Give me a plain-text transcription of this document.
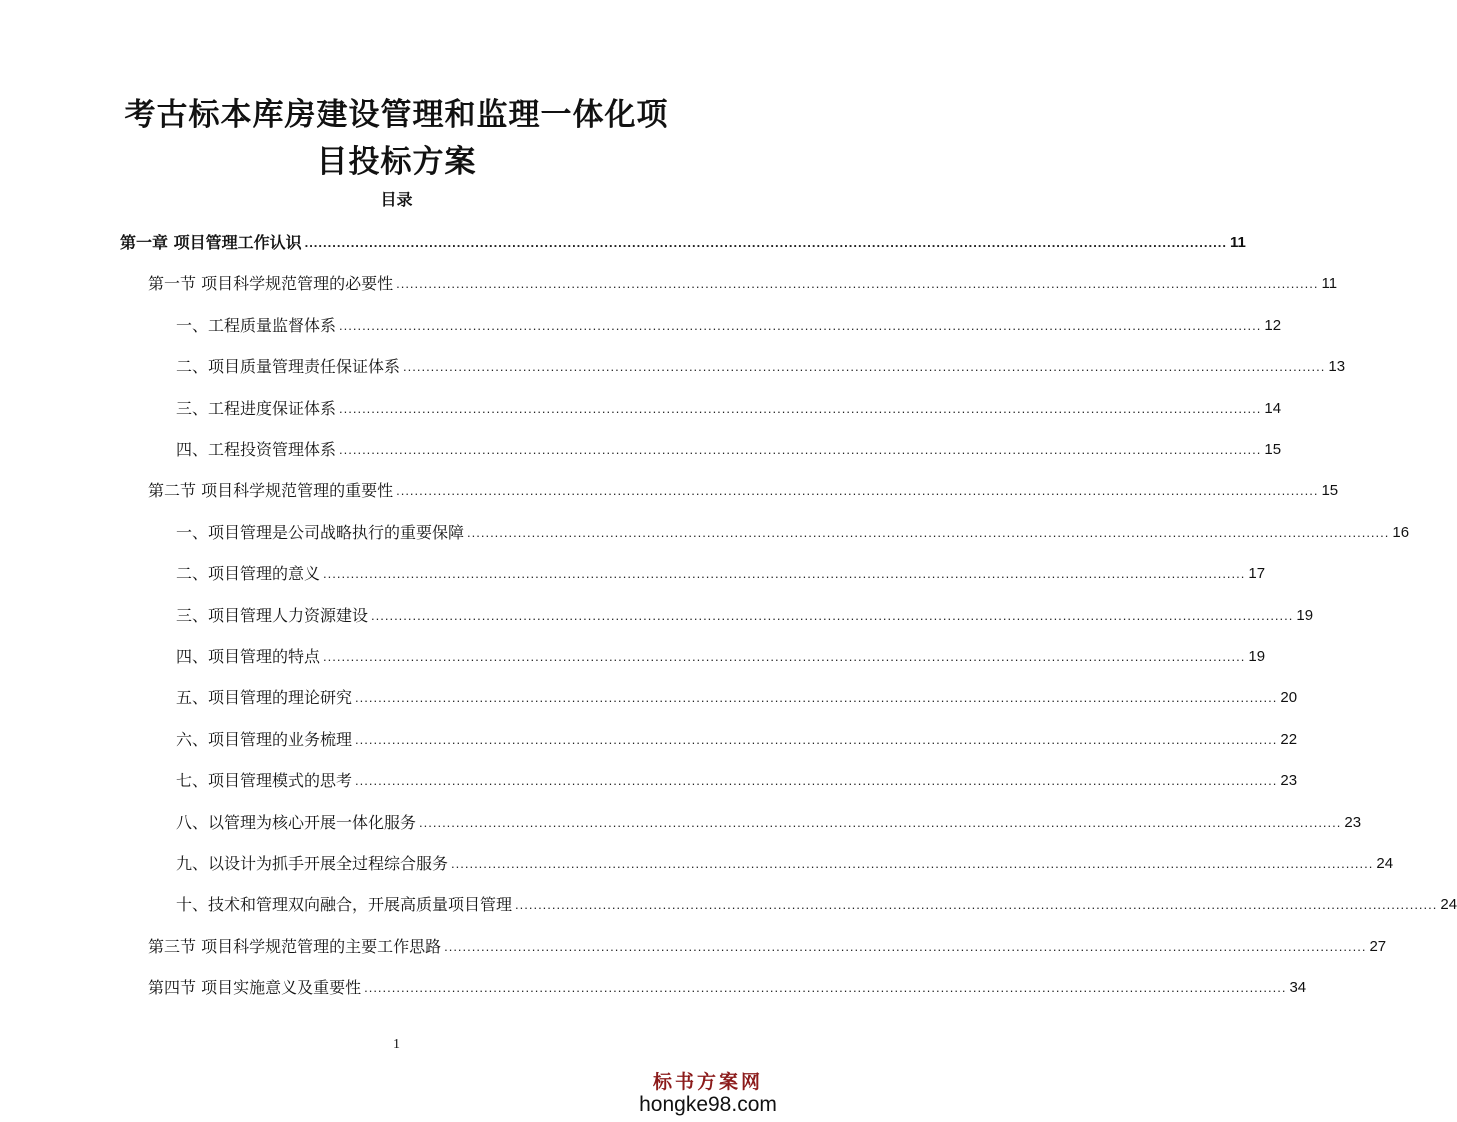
考古标本库房建设管理和监理一体化项
目投标方案
目录
第一章 项目管理工作认识 ........................................................................................................................................................................................................ 11
第一节 项目科学规范管理的必要性 ........................................................................................................................................................................................................ 11
一、工程质量监督体系 ........................................................................................................................................................................................................ 12
二、项目质量管理责任保证体系 ........................................................................................................................................................................................................ 13
三、工程进度保证体系 ........................................................................................................................................................................................................ 14
四、工程投资管理体系 ........................................................................................................................................................................................................ 15
第二节 项目科学规范管理的重要性 ........................................................................................................................................................................................................ 15
一、项目管理是公司战略执行的重要保障 ........................................................................................................................................................................................................ 16
二、项目管理的意义 ........................................................................................................................................................................................................ 17
三、项目管理人力资源建设 ........................................................................................................................................................................................................ 19
四、项目管理的特点 ........................................................................................................................................................................................................ 19
五、项目管理的理论研究 ........................................................................................................................................................................................................ 20
六、项目管理的业务梳理 ........................................................................................................................................................................................................ 22
七、项目管理模式的思考 ........................................................................................................................................................................................................ 23
八、以管理为核心开展一体化服务 ........................................................................................................................................................................................................ 23
九、以设计为抓手开展全过程综合服务 ........................................................................................................................................................................................................ 24
十、技术和管理双向融合，开展高质量项目管理 ........................................................................................................................................................................................................ 24
第三节 项目科学规范管理的主要工作思路 ........................................................................................................................................................................................................ 27
第四节 项目实施意义及重要性 ........................................................................................................................................................................................................ 34
1
标书方案网
hongke98.com
